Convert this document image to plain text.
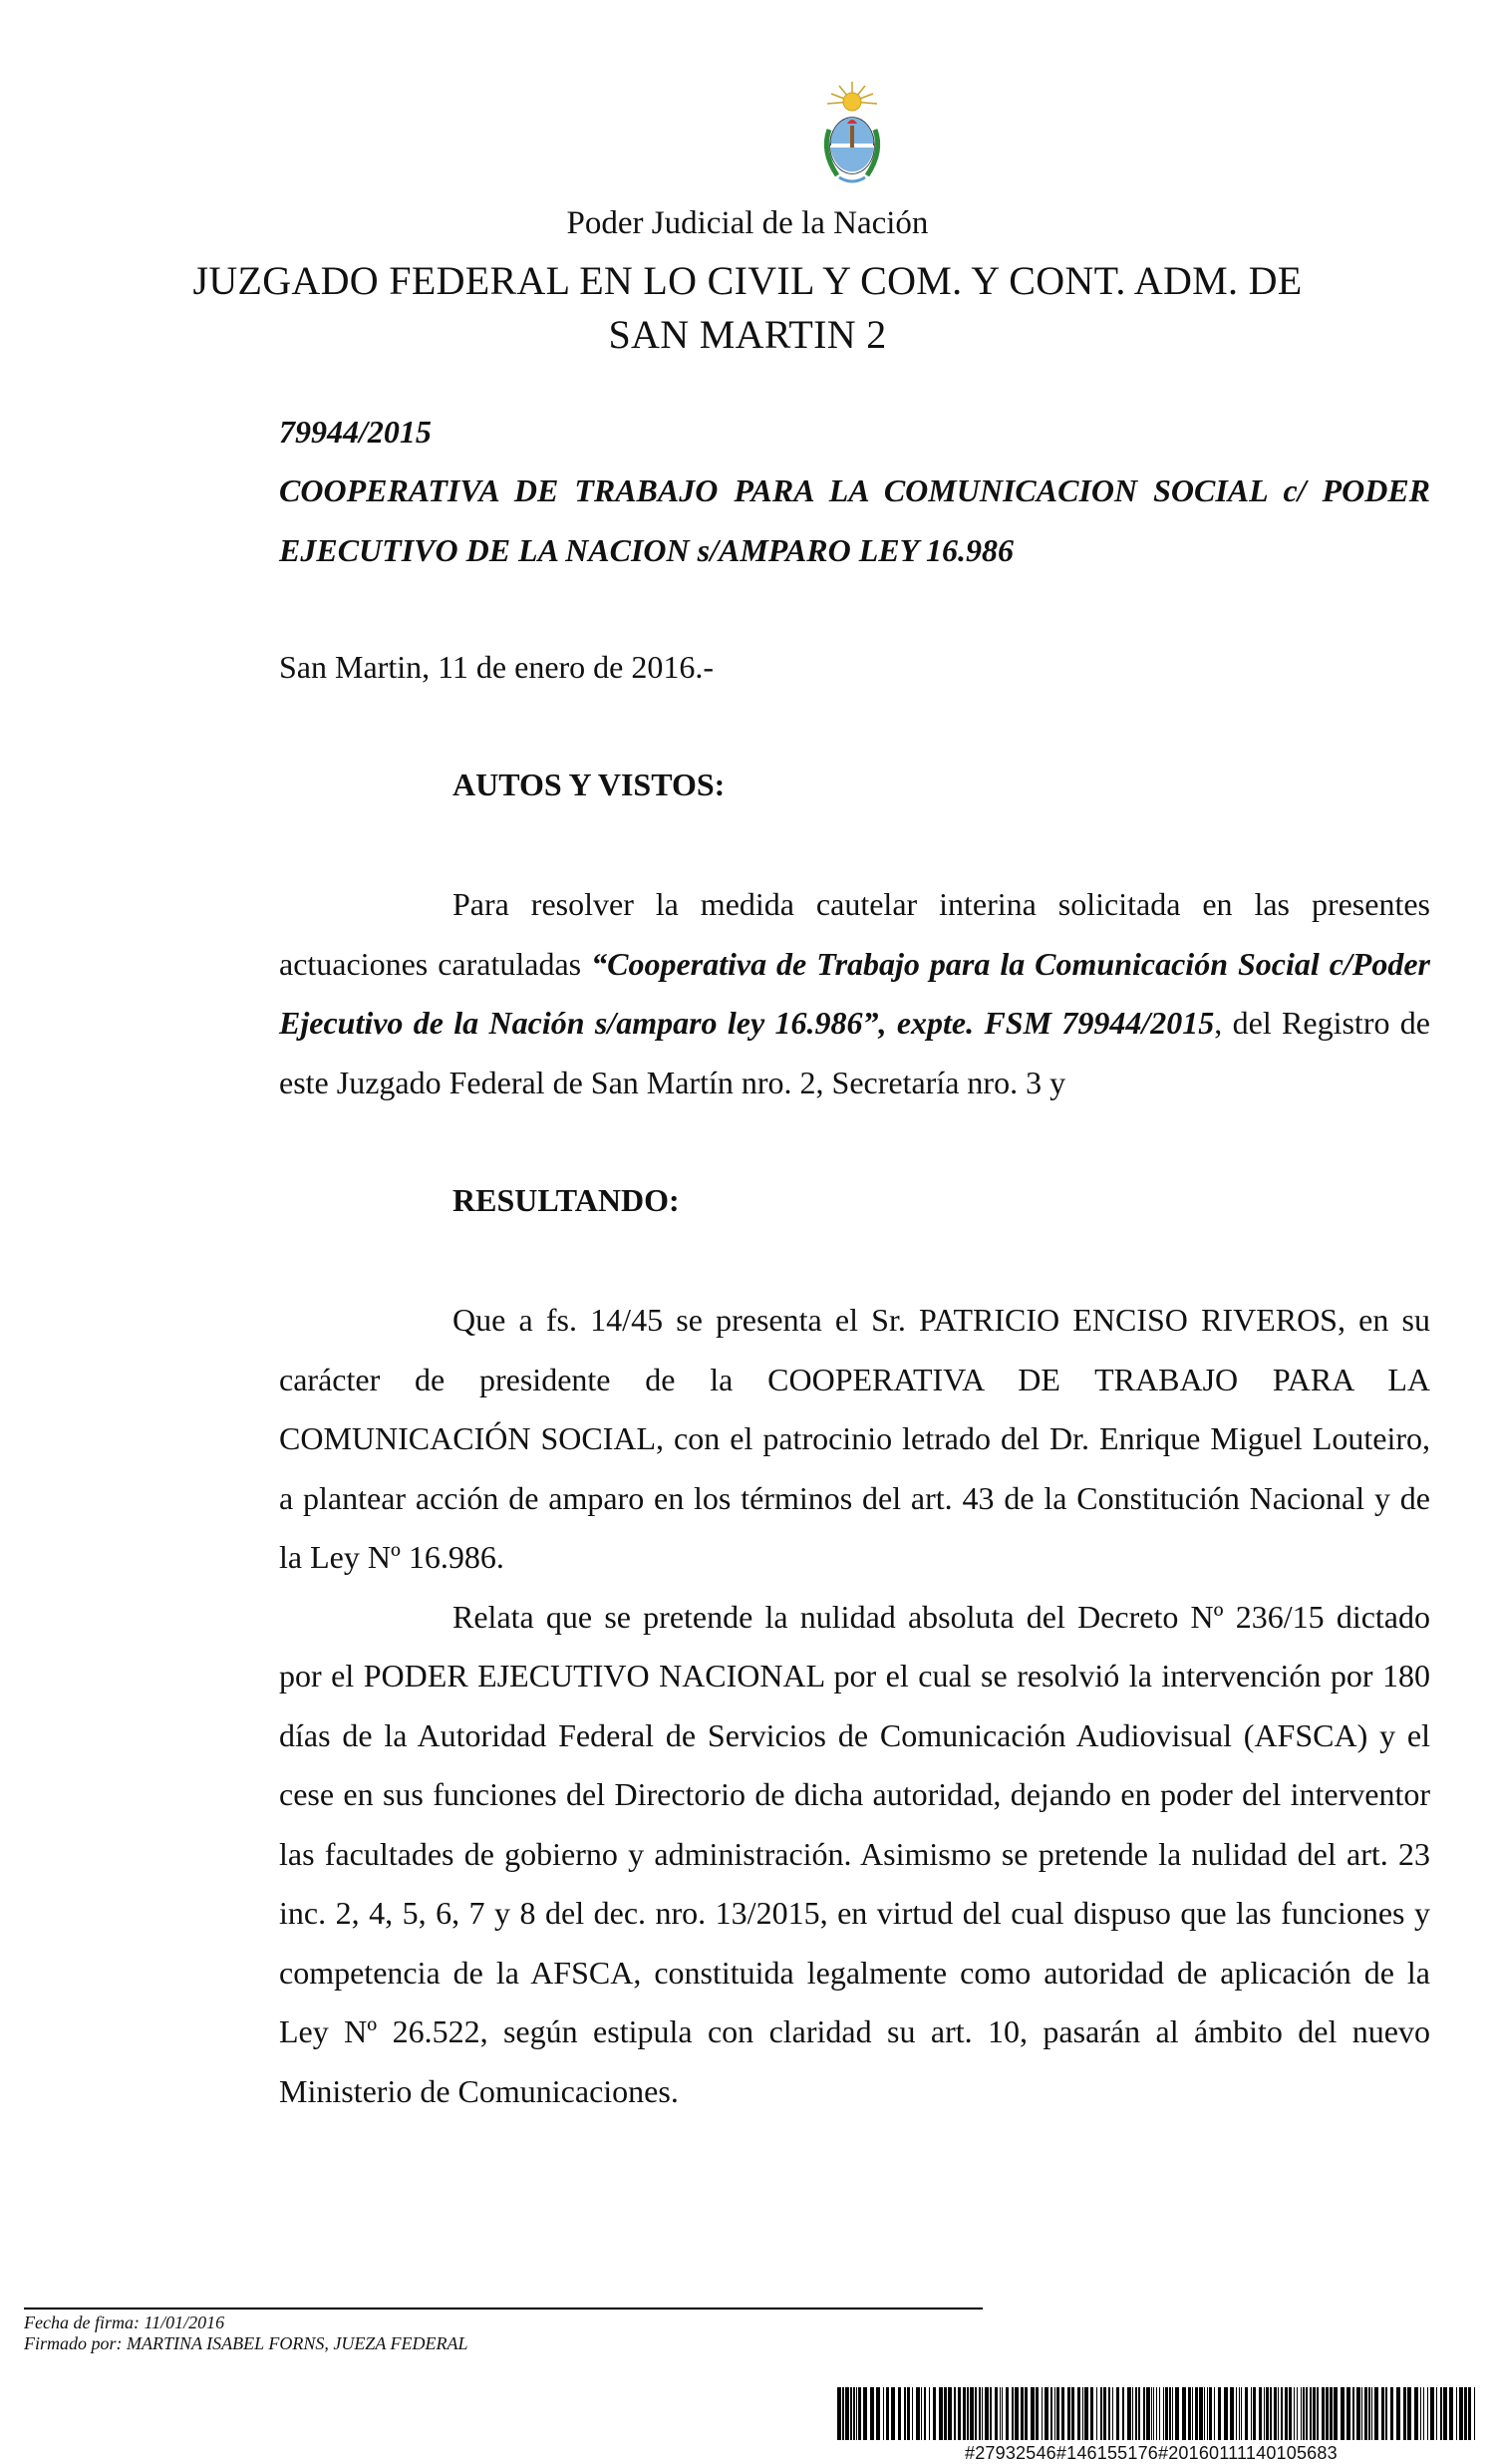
Poder Judicial de la Nación
JUZGADO FEDERAL EN LO CIVIL Y COM. Y CONT. ADM. DE
SAN MARTIN 2
79944/2015
COOPERATIVA DE TRABAJO PARA LA COMUNICACION SOCIAL c/ PODER EJECUTIVO DE LA NACION s/AMPARO LEY 16.986
San Martin, 11 de enero de 2016.-
AUTOS Y VISTOS:

Para resolver la medida cautelar interina solicitada en las presentes actuaciones caratuladas “Cooperativa de Trabajo para la Comunicación Social c/Poder Ejecutivo de la Nación s/amparo ley 16.986”, expte. FSM 79944/2015, del Registro de este Juzgado Federal de San Martín nro. 2, Secretaría nro. 3 y

RESULTANDO:

Que a fs. 14/45 se presenta el Sr. PATRICIO ENCISO RIVEROS, en su carácter de presidente de la COOPERATIVA DE TRABAJO PARA LA COMUNICACIÓN SOCIAL, con el patrocinio letrado del Dr. Enrique Miguel Louteiro, a plantear acción de amparo en los términos del art. 43 de la Constitución Nacional y de la Ley Nº 16.986.

Relata que se pretende la nulidad absoluta del Decreto Nº 236/15 dictado por el PODER EJECUTIVO NACIONAL por el cual se resolvió la intervención por 180 días de la Autoridad Federal de Servicios de Comunicación Audiovisual (AFSCA) y el cese en sus funciones del Directorio de dicha autoridad, dejando en poder del interventor las facultades de gobierno y administración. Asimismo se pretende la nulidad del art. 23 inc. 2, 4, 5, 6, 7 y 8 del dec. nro. 13/2015, en virtud del cual dispuso que las funciones y competencia de la AFSCA, constituida legalmente como autoridad de aplicación de la Ley Nº 26.522, según estipula con claridad su art. 10, pasarán al ámbito del nuevo Ministerio de Comunicaciones.

Fecha de firma: 11/01/2016
Firmado por: MARTINA ISABEL FORNS, JUEZA FEDERAL
#27932546#146155176#20160111140105683
